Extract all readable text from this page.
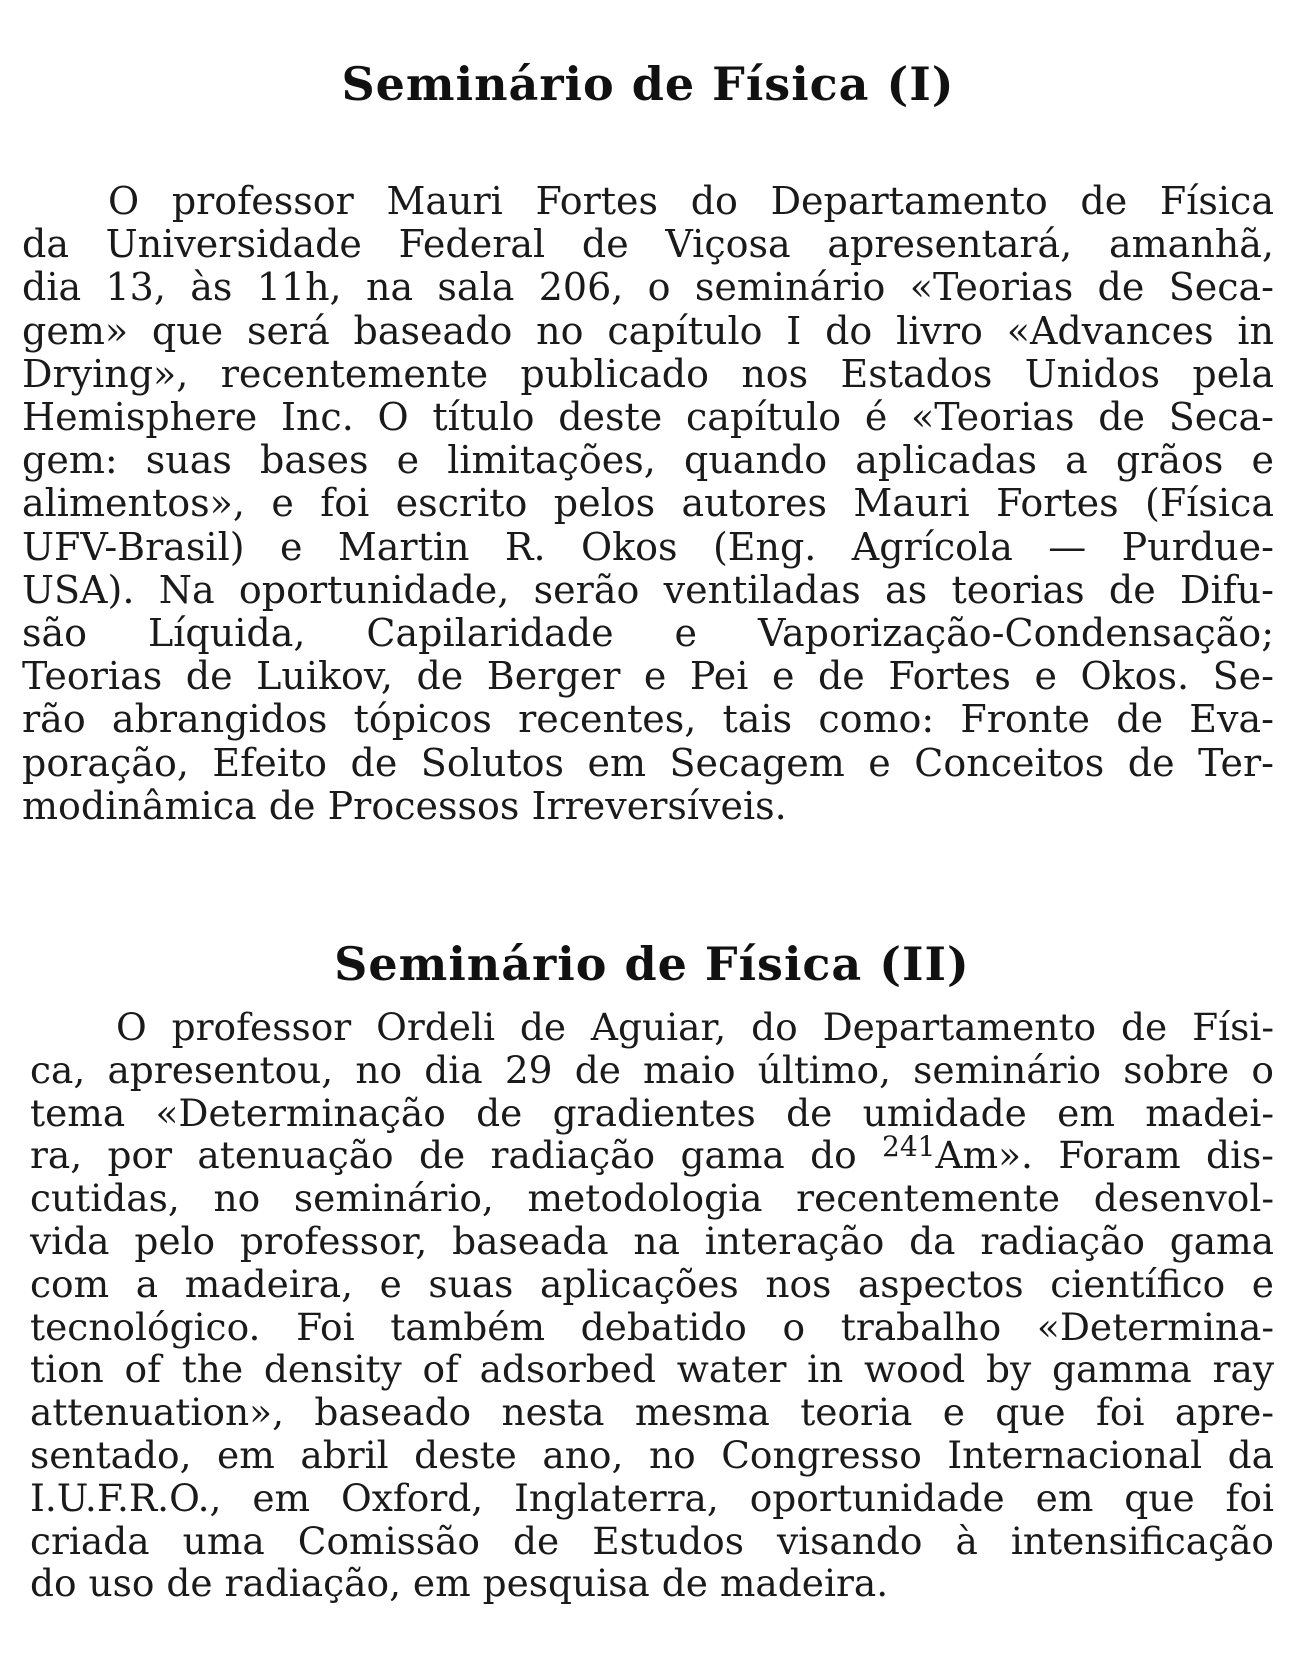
Seminário de Física (I)
O professor Mauri Fortes do Departamento de Física
da Universidade Federal de Viçosa apresentará, amanhã,
dia 13, às 11h, na sala 206, o seminário «Teorias de Seca-
gem» que será baseado no capítulo I do livro «Advances in
Drying», recentemente publicado nos Estados Unidos pela
Hemisphere Inc. O título deste capítulo é «Teorias de Seca-
gem: suas bases e limitações, quando aplicadas a grãos e
alimentos», e foi escrito pelos autores Mauri Fortes (Física
UFV-Brasil) e Martin R. Okos (Eng. Agrícola — Purdue-
USA). Na oportunidade, serão ventiladas as teorias de Difu-
são Líquida, Capilaridade e Vaporização-Condensação;
Teorias de Luikov, de Berger e Pei e de Fortes e Okos. Se-
rão abrangidos tópicos recentes, tais como: Fronte de Eva-
poração, Efeito de Solutos em Secagem e Conceitos de Ter-
modinâmica de Processos Irreversíveis.
Seminário de Física (II)
O professor Ordeli de Aguiar, do Departamento de Físi-
ca, apresentou, no dia 29 de maio último, seminário sobre o
tema «Determinação de gradientes de umidade em madei-
ra, por atenuação de radiação gama do $^{241}$Am». Foram dis-
cutidas, no seminário, metodologia recentemente desenvol-
vida pelo professor, baseada na interação da radiação gama
com a madeira, e suas aplicações nos aspectos científico e
tecnológico. Foi também debatido o trabalho «Determina-
tion of the density of adsorbed water in wood by gamma ray
attenuation», baseado nesta mesma teoria e que foi apre-
sentado, em abril deste ano, no Congresso Internacional da
I.U.F.R.O., em Oxford, Inglaterra, oportunidade em que foi
criada uma Comissão de Estudos visando à intensificação
do uso de radiação, em pesquisa de madeira.
